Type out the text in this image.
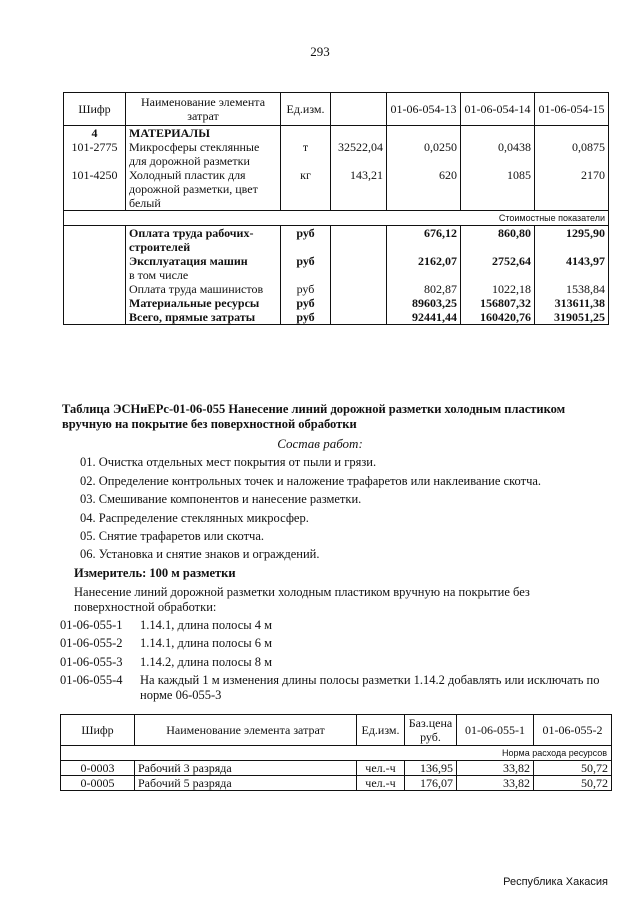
293
Шифр	Наименование элемента затрат	Ед.изм.		01-06-054-13	01-06-054-14	01-06-054-15
4	МАТЕРИАЛЫ					
101-2775	Микросферы стеклянные для дорожной разметки	т	32522,04	0,0250	0,0438	0,0875
101-4250	Холодный пластик для дорожной разметки, цвет белый	кг	143,21	620	1085	2170
Стоимостные показатели						
	Оплата труда рабочих-строителей	руб		676,12	860,80	1295,90
	Эксплуатация машин	руб		2162,07	2752,64	4143,97
	в том числе					
	Оплата труда машинистов	руб		802,87	1022,18	1538,84
	Материальные ресурсы	руб		89603,25	156807,32	313611,38
	Всего, прямые затраты	руб		92441,44	160420,76	319051,25
Таблица ЭСНиЕРс-01-06-055 Нанесение линий дорожной разметки холодным пластиком вручную на покрытие без поверхностной обработки
Состав работ:
01. Очистка отдельных мест покрытия от пыли и грязи.
02. Определение контрольных точек и наложение трафаретов или наклеивание скотча.
03. Смешивание компонентов и нанесение разметки.
04. Распределение стеклянных микросфер.
05. Снятие трафаретов или скотча.
06. Установка и снятие знаков и ограждений.
Измеритель: 100 м разметки
Нанесение линий дорожной разметки холодным пластиком вручную на покрытие без поверхностной обработки:
01-06-055-1 1.14.1, длина полосы 4 м
01-06-055-2 1.14.1, длина полосы 6 м
01-06-055-3 1.14.2, длина полосы 8 м
01-06-055-4 На каждый 1 м изменения длины полосы разметки 1.14.2 добавлять или исключать по норме 06-055-3
Шифр	Наименование элемента затрат	Ед.изм.	Баз.цена руб.	01-06-055-1	01-06-055-2
Норма расхода ресурсов					
0-0003	Рабочий 3 разряда	чел.-ч	136,95	33,82	50,72
0-0005	Рабочий 5 разряда	чел.-ч	176,07	33,82	50,72
Республика Хакасия
